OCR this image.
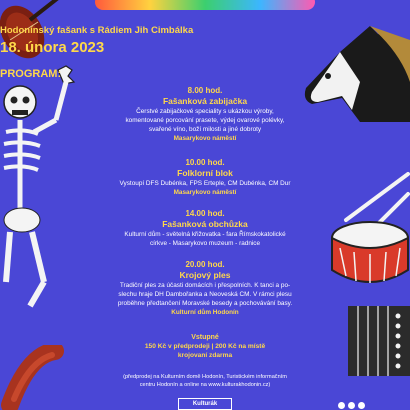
Hodonínský fašank s Rádiem Jih Cimbálka
18. února 2023
PROGRAM:
8.00 hod.
Fašanková zabijačka
Čerstvé zabijačkové speciality s ukázkou výroby,
komentované porcování prasete, výdej ovarové polévky,
svařené víno, boží milosti a jiné dobroty
Masarykovo náměstí
10.00 hod.
Folklorní blok
Vystoupí DFS Dubénka, FPS Erteple, CM Dubénka, CM Dur
Masarykovo náměstí
14.00 hod.
Fašanková obchůzka
Kulturní dům - světelná křižovatka - fara Římskokatolické
církve - Masarykovo muzeum - radnice
20.00 hod.
Krojový ples
Tradiční ples za účasti domácích i přespolních. K tanci a po-
slechu hraje DH Dambořanka a Neoveská CM. V rámci plesu
proběhne předtančení Moravské besedy a pochovávání basy.
Kulturní dům Hodonín
Vstupné
150 Kč v předprodeji | 200 Kč na místě
krojovaní zdarma
(předprodej na Kulturním domě Hodonín, Turistickém informačním
centru Hodonín a online na www.kulturakhodonin.cz)
Kulturák
